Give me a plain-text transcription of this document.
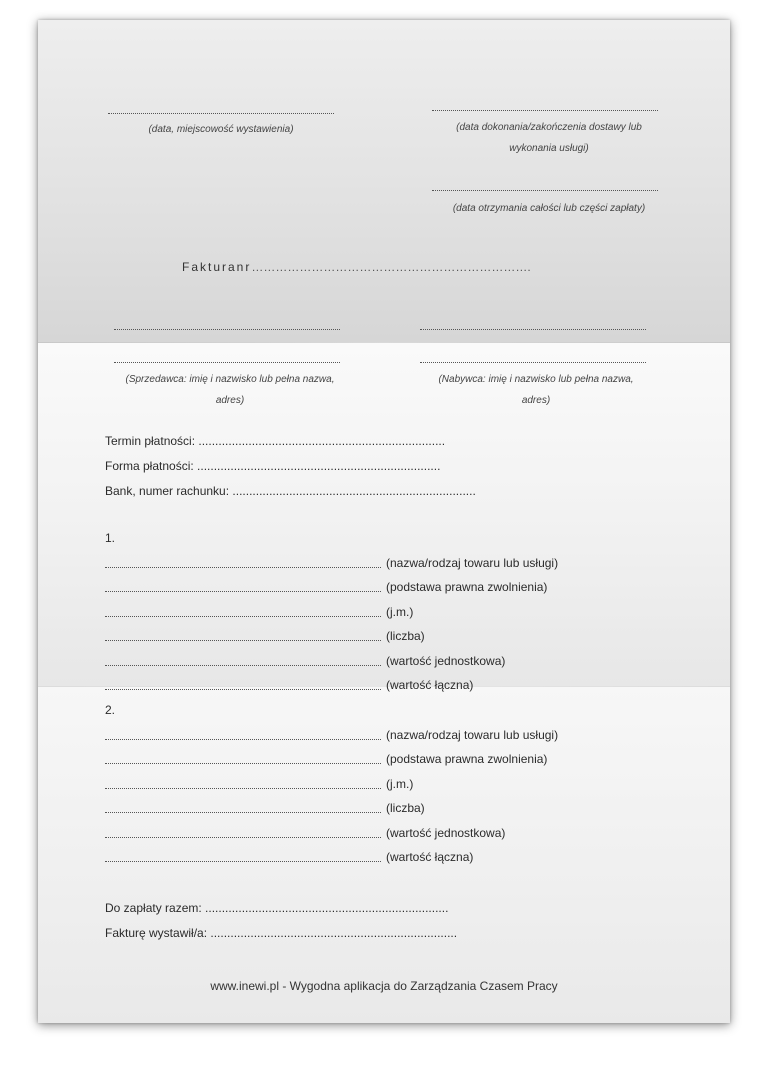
(data, miejscowość wystawienia)	(data dokonania/zakończenia dostawy lub
wykonania usługi)
(data otrzymania całości lub części zapłaty)
Fakturanr…………………………………………………………….
(Sprzedawca: imię i nazwisko lub pełna nazwa,
adres)
(Nabywca: imię i nazwisko lub pełna nazwa,
adres)
Termin płatności: ..........................................................................
Forma płatności: .........................................................................
Bank, numer rachunku: .........................................................................
1.
(nazwa/rodzaj towaru lub usługi)
(podstawa prawna zwolnienia)
(j.m.)
(liczba)
(wartość jednostkowa)
(wartość łączna)
2.
(nazwa/rodzaj towaru lub usługi)
(podstawa prawna zwolnienia)
(j.m.)
(liczba)
(wartość jednostkowa)
(wartość łączna)
Do zapłaty razem: .........................................................................
Fakturę wystawił/a: ..........................................................................
www.inewi.pl - Wygodna aplikacja do Zarządzania Czasem Pracy
